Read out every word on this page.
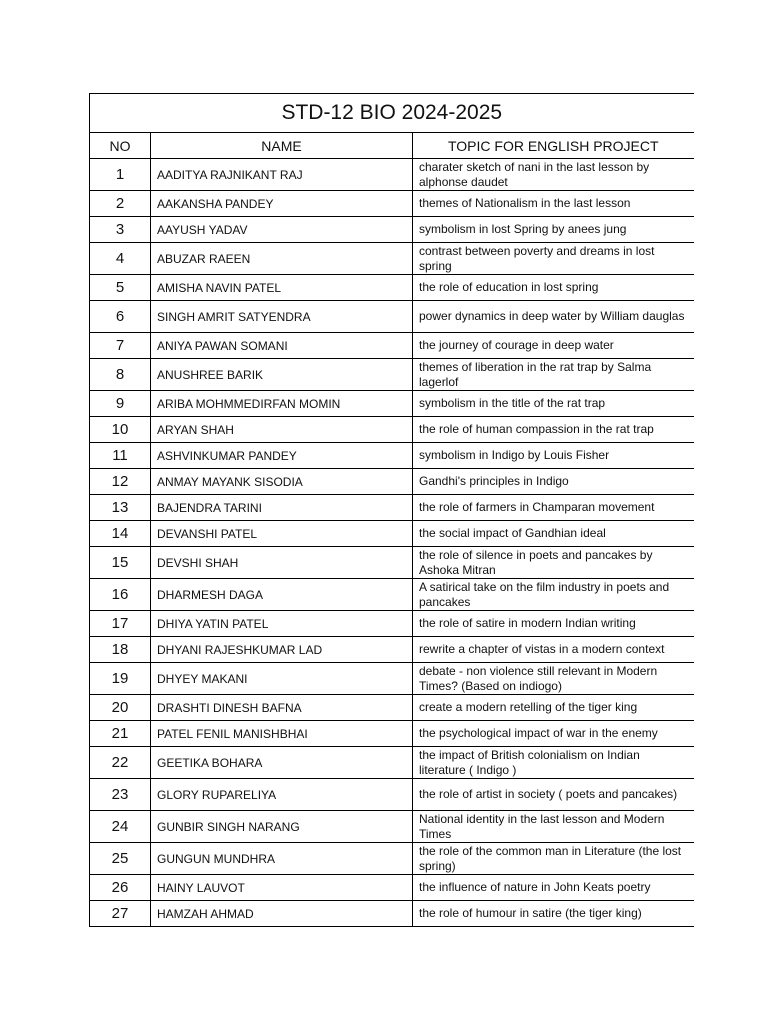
STD-12 BIO 2024-2025		
NO	NAME	TOPIC FOR ENGLISH PROJECT
1	AADITYA RAJNIKANT RAJ	charater sketch of nani in the last lesson by alphonse daudet
2	AAKANSHA PANDEY	themes of Nationalism in the last lesson
3	AAYUSH YADAV	symbolism in lost Spring by anees jung
4	ABUZAR RAEEN	contrast between poverty and dreams in lost spring
5	AMISHA NAVIN PATEL	the role of education in lost spring
6	SINGH AMRIT SATYENDRA	power dynamics in deep water by William dauglas
7	ANIYA PAWAN SOMANI	the journey of courage in deep water
8	ANUSHREE BARIK	themes of liberation in the rat trap by Salma lagerlof
9	ARIBA MOHMMEDIRFAN MOMIN	symbolism in the title of the rat trap
10	ARYAN SHAH	the role of human compassion in the rat trap
11	ASHVINKUMAR PANDEY	symbolism in Indigo by Louis Fisher
12	ANMAY MAYANK SISODIA	Gandhi's principles in Indigo
13	BAJENDRA TARINI	the role of farmers in Champaran movement
14	DEVANSHI PATEL	the social impact of Gandhian ideal
15	DEVSHI SHAH	the role of silence in poets and pancakes by Ashoka Mitran
16	DHARMESH DAGA	A satirical take on the film industry in poets and pancakes
17	DHIYA YATIN PATEL	the role of satire in modern Indian writing
18	DHYANI RAJESHKUMAR LAD	rewrite a chapter of vistas in a modern context
19	DHYEY MAKANI	debate - non violence still relevant in Modern Times? (Based on indiogo)
20	DRASHTI DINESH BAFNA	create a modern retelling of the tiger king
21	PATEL FENIL MANISHBHAI	the psychological impact of war in the enemy
22	GEETIKA BOHARA	the impact of British colonialism on Indian literature ( Indigo )
23	GLORY RUPARELIYA	the role of artist in society ( poets and pancakes)
24	GUNBIR SINGH NARANG	National identity in the last lesson and Modern Times
25	GUNGUN MUNDHRA	the role of the common man in Literature (the lost spring)
26	HAINY LAUVOT	the influence of nature in John Keats poetry
27	HAMZAH AHMAD	the role of humour in satire (the tiger king)
